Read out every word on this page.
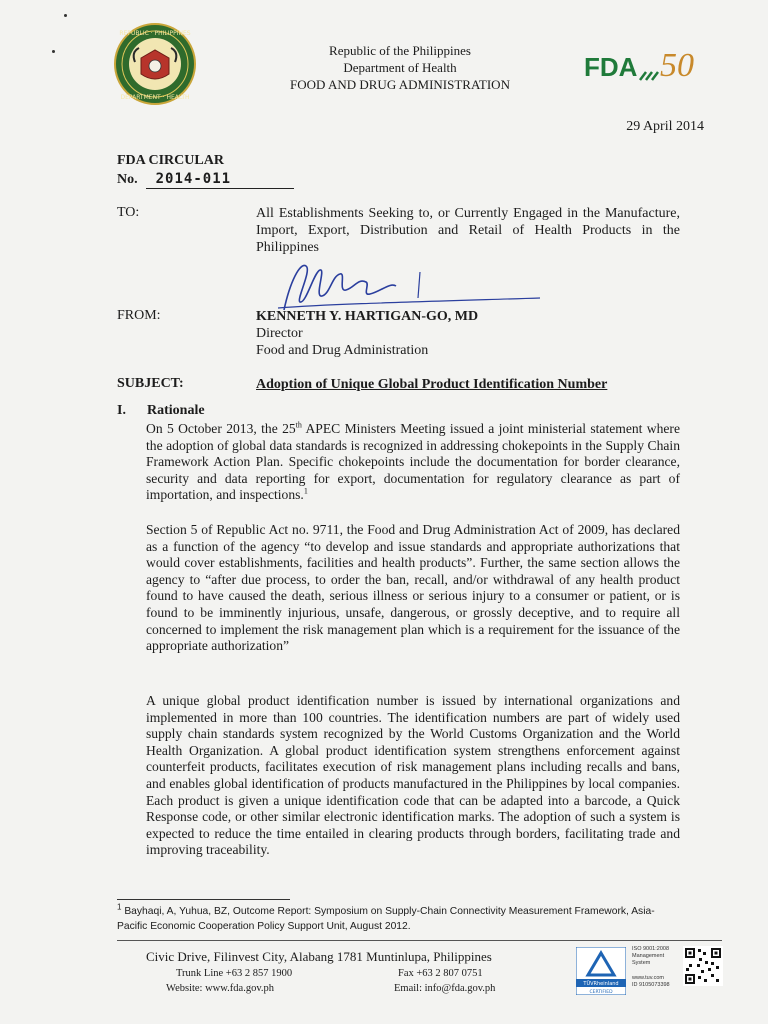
REPUBLIC · PHILIPPINES
DEPARTMENT · HEALTH
Republic of the Philippines
Department of Health
FOOD AND DRUG ADMINISTRATION
FDA 50
29 April 2014
FDA CIRCULAR
No. 2014-011
TO:	All Establishments Seeking to, or Currently Engaged in the Manufacture, Import, Export, Distribution and Retail of Health Products in the Philippines
FROM:	KENNETH Y. HARTIGAN-GO, MD
Director
Food and Drug Administration
SUBJECT:	Adoption of Unique Global Product Identification Number
I. Rationale
On 5 October 2013, the 25th APEC Ministers Meeting issued a joint ministerial statement where the adoption of global data standards is recognized in addressing chokepoints in the Supply Chain Framework Action Plan. Specific chokepoints include the documentation for border clearance, security and data reporting for export, documentation for regulatory clearance as part of importation, and inspections.$^1$
Section 5 of Republic Act no. 9711, the Food and Drug Administration Act of 2009, has declared as a function of the agency “to develop and issue standards and appropriate authorizations that would cover establishments, facilities and health products”. Further, the same section allows the agency to “after due process, to order the ban, recall, and/or withdrawal of any health product found to have caused the death, serious illness or serious injury to a consumer or patient, or is found to be imminently injurious, unsafe, dangerous, or grossly deceptive, and to require all concerned to implement the risk management plan which is a requirement for the issuance of the appropriate authorization”
A unique global product identification number is issued by international organizations and implemented in more than 100 countries. The identification numbers are part of widely used supply chain standards system recognized by the World Customs Organization and the World Health Organization. A global product identification system strengthens enforcement against counterfeit products, facilitates execution of risk management plans including recalls and bans, and enables global identification of products manufactured in the Philippines by local companies. Each product is given a unique identification code that can be adapted into a barcode, a Quick Response code, or other similar electronic identification marks. The adoption of such a system is expected to reduce the time entailed in clearing products through borders, facilitating trade and improving traceability.
$^1$ Bayhaqi, A, Yuhua, BZ, Outcome Report: Symposium on Supply-Chain Connectivity Measurement Framework, Asia-Pacific Economic Cooperation Policy Support Unit, August 2012.
Civic Drive, Filinvest City, Alabang 1781 Muntinlupa, Philippines
Trunk Line +63 2 857 1900	Fax +63 2 807 0751
Website: www.fda.gov.ph	Email: info@fda.gov.ph	TÜVRheinland
CERTIFIED
ISO 9001:2008 Management System
www.tuv.com
ID 9105073398
